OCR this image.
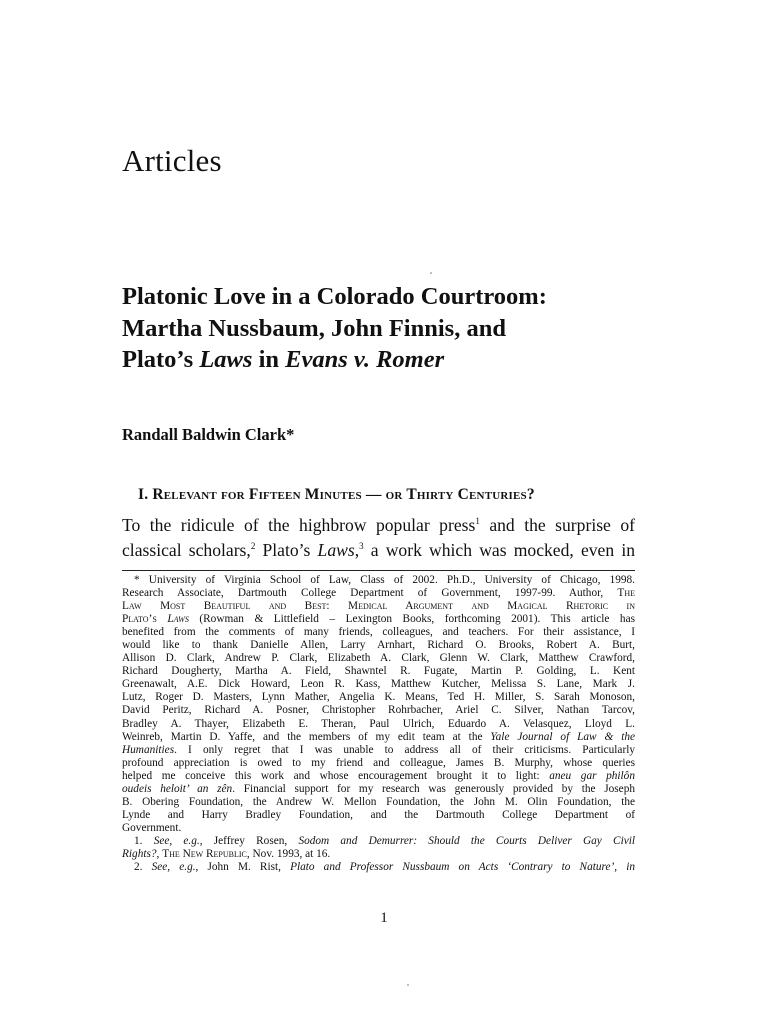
Articles
Platonic Love in a Colorado Courtroom:
Martha Nussbaum, John Finnis, and
Plato’s Laws in Evans v. Romer

Randall Baldwin Clark*

I. Relevant for Fifteen Minutes — or Thirty Centuries?
To the ridicule of the highbrow popular press$^1$ and the surprise of
classical scholars,$^2$ Plato’s Laws,$^3$ a work which was mocked, even in

* University of Virginia School of Law, Class of 2002. Ph.D., University of Chicago, 1998.
Research Associate, Dartmouth College Department of Government, 1997-99. Author, The
Law Most Beautiful and Best: Medical Argument and Magical Rhetoric in
Plato’s Laws (Rowman & Littlefield – Lexington Books, forthcoming 2001). This article has
benefited from the comments of many friends, colleagues, and teachers. For their assistance, I
would like to thank Danielle Allen, Larry Arnhart, Richard O. Brooks, Robert A. Burt,
Allison D. Clark, Andrew P. Clark, Elizabeth A. Clark, Glenn W. Clark, Matthew Crawford,
Richard Dougherty, Martha A. Field, Shawntel R. Fugate, Martin P. Golding, L. Kent
Greenawalt, A.E. Dick Howard, Leon R. Kass, Matthew Kutcher, Melissa S. Lane, Mark J.
Lutz, Roger D. Masters, Lynn Mather, Angelia K. Means, Ted H. Miller, S. Sarah Monoson,
David Peritz, Richard A. Posner, Christopher Rohrbacher, Ariel C. Silver, Nathan Tarcov,
Bradley A. Thayer, Elizabeth E. Theran, Paul Ulrich, Eduardo A. Velasquez, Lloyd L.
Weinreb, Martin D. Yaffe, and the members of my edit team at the Yale Journal of Law & the
Humanities. I only regret that I was unable to address all of their criticisms. Particularly
profound appreciation is owed to my friend and colleague, James B. Murphy, whose queries
helped me conceive this work and whose encouragement brought it to light: aneu gar philôn
oudeis heloit’ an zên. Financial support for my research was generously provided by the Joseph
B. Obering Foundation, the Andrew W. Mellon Foundation, the John M. Olin Foundation, the
Lynde and Harry Bradley Foundation, and the Dartmouth College Department of
Government.

1. See, e.g., Jeffrey Rosen, Sodom and Demurrer: Should the Courts Deliver Gay Civil
Rights?, The New Republic, Nov. 1993, at 16.

2. See, e.g., John M. Rist, Plato and Professor Nussbaum on Acts ‘Contrary to Nature’, in

1
